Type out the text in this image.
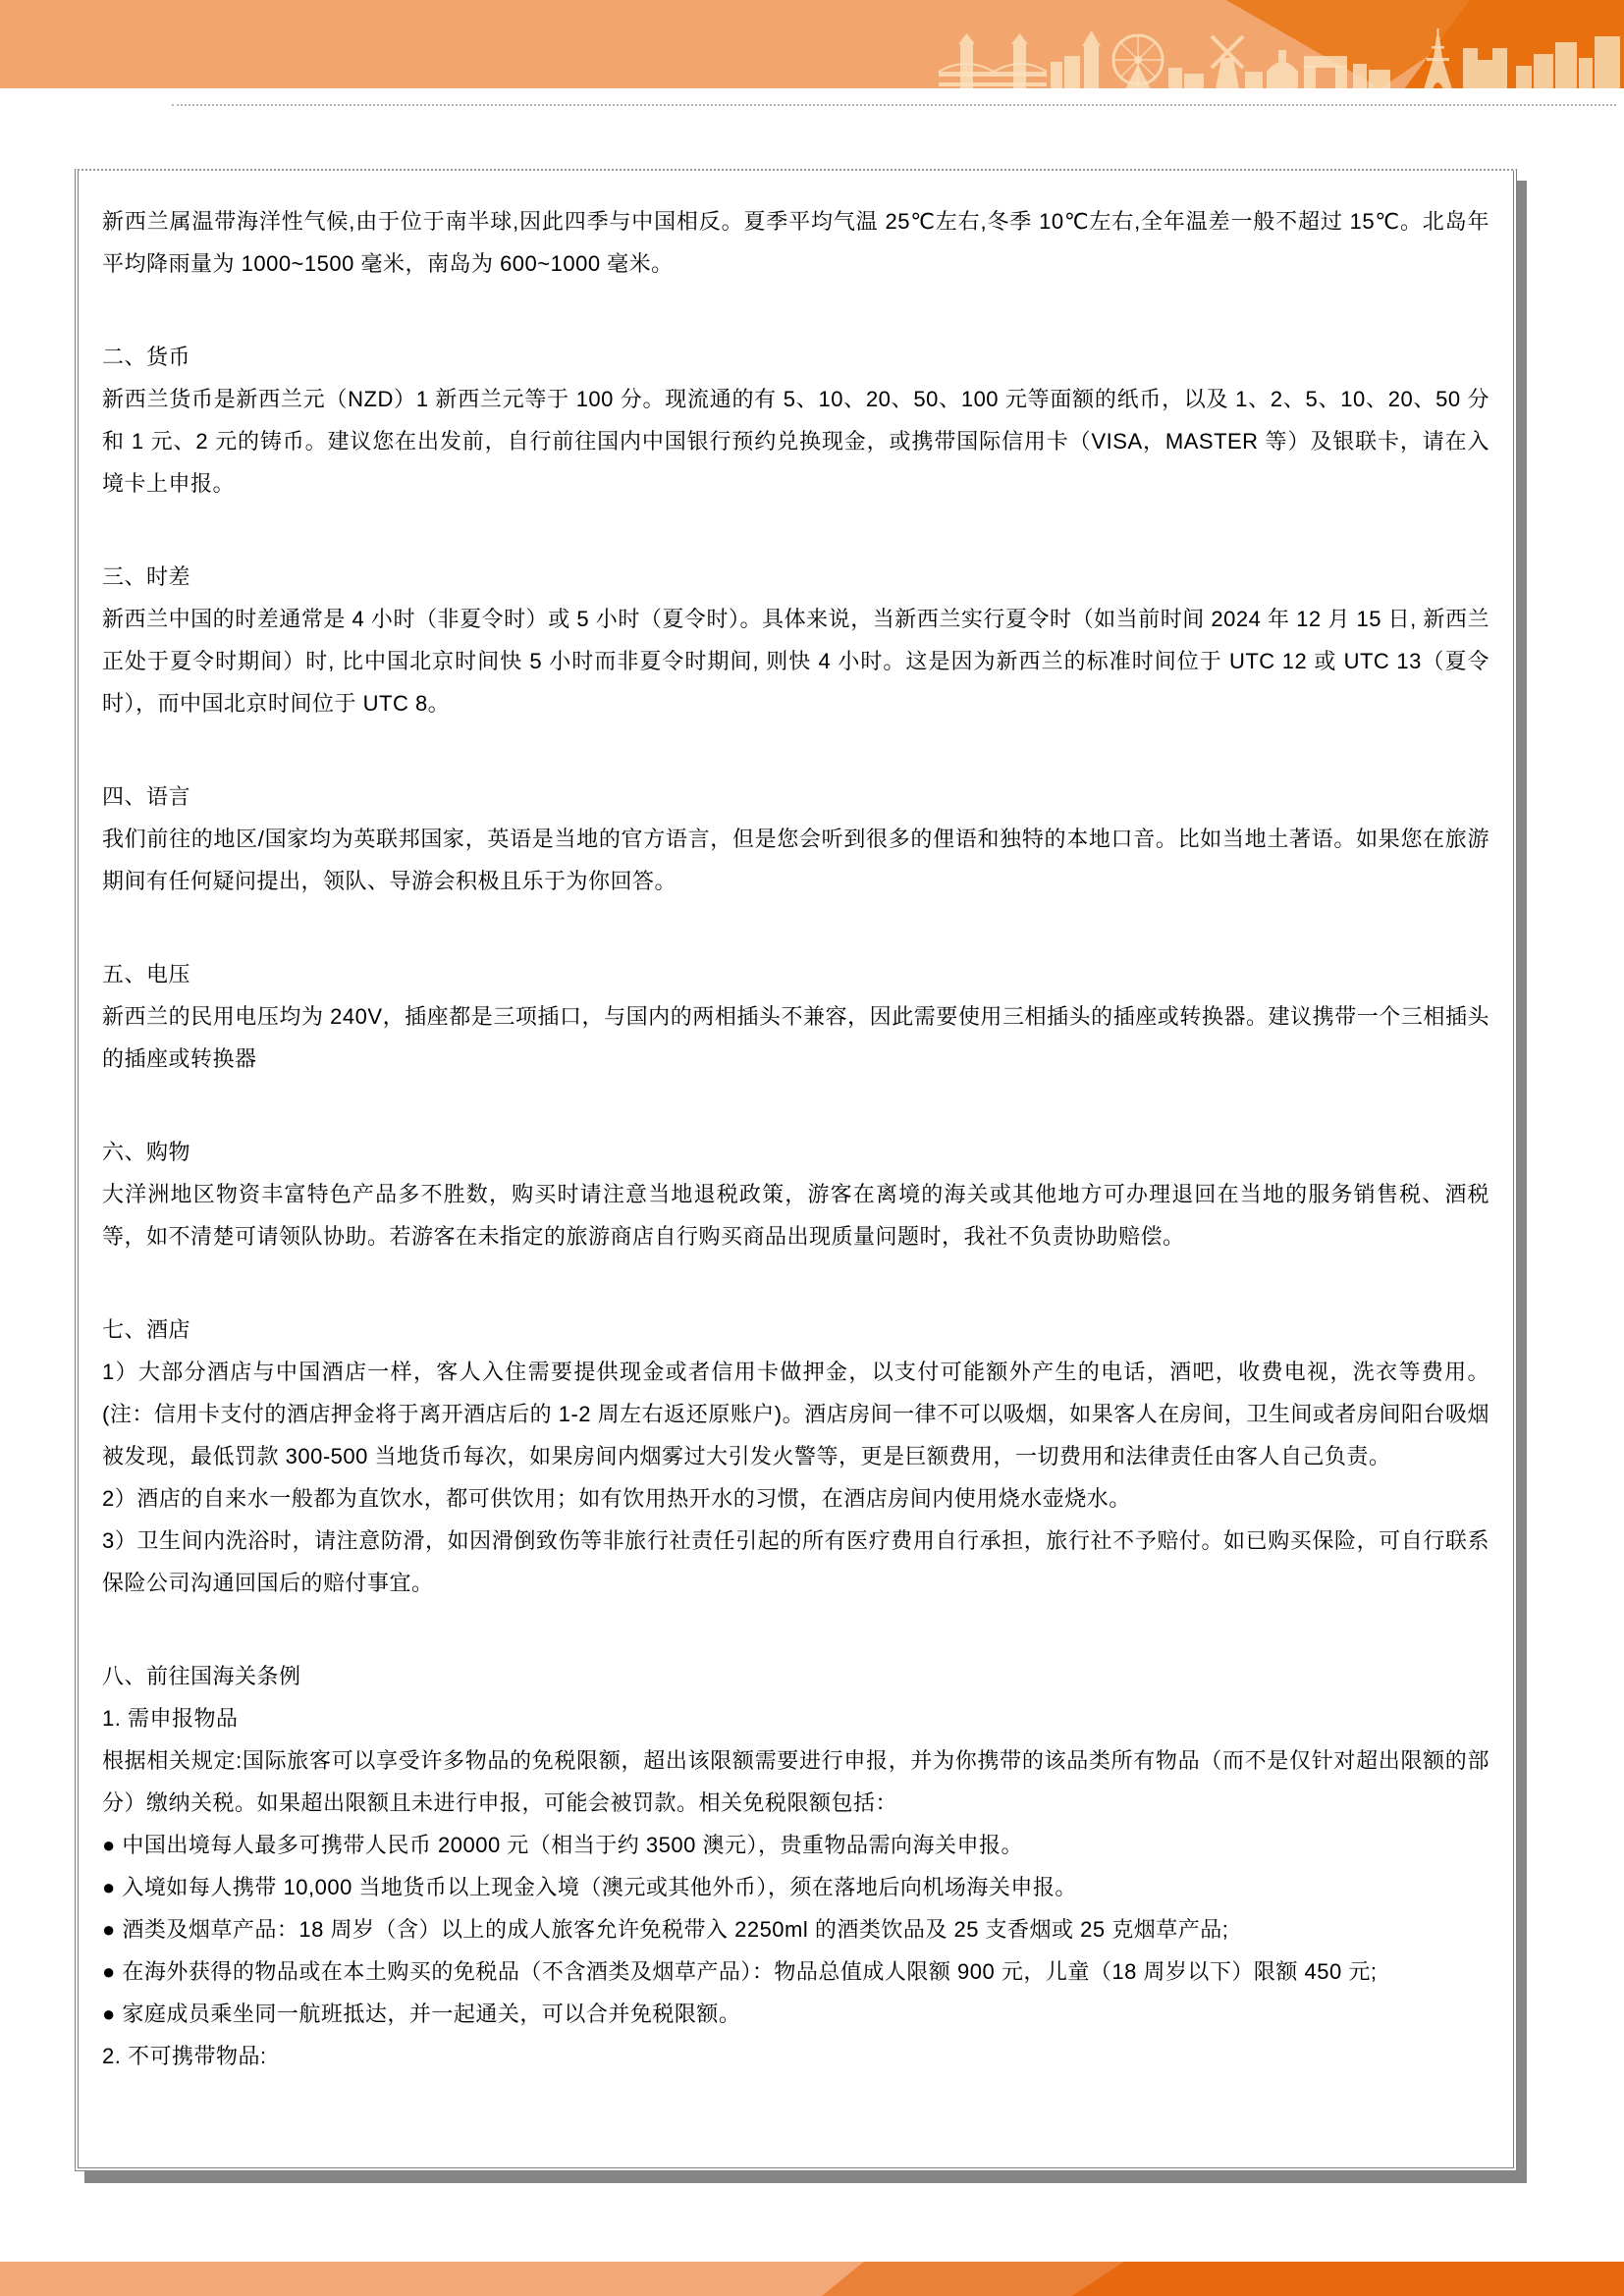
新西兰属温带海洋性气候,由于位于南半球,因此四季与中国相反。夏季平均气温 25℃左右,冬季 10℃左右,全年温差一般不超过 15℃。北岛年平均降雨量为 1000~1500 毫米，南岛为 600~1000 毫米。

二、货币

新西兰货币是新西兰元（NZD）1 新西兰元等于 100 分。现流通的有 5、10、20、50、100 元等面额的纸币，以及 1、2、5、10、20、50 分和 1 元、2 元的铸币。建议您在出发前，自行前往国内中国银行预约兑换现金，或携带国际信用卡（VISA，MASTER 等）及银联卡，请在入境卡上申报。

三、时差

新西兰中国的时差通常是 4 小时（非夏令时）或 5 小时（夏令时）。具体来说，当新西兰实行夏令时（如当前时间 2024 年 12 月 15 日, 新西兰正处于夏令时期间）时, 比中国北京时间快 5 小时而非夏令时期间, 则快 4 小时。这是因为新西兰的标准时间位于 UTC 12 或 UTC 13（夏令时），而中国北京时间位于 UTC 8。

四、语言

我们前往的地区/国家均为英联邦国家，英语是当地的官方语言，但是您会听到很多的俚语和独特的本地口音。比如当地土著语。如果您在旅游期间有任何疑问提出，领队、导游会积极且乐于为你回答。

五、电压

新西兰的民用电压均为 240V，插座都是三项插口，与国内的两相插头不兼容，因此需要使用三相插头的插座或转换器。建议携带一个三相插头的插座或转换器

六、购物

大洋洲地区物资丰富特色产品多不胜数，购买时请注意当地退税政策，游客在离境的海关或其他地方可办理退回在当地的服务销售税、酒税等，如不清楚可请领队协助。若游客在未指定的旅游商店自行购买商品出现质量问题时，我社不负责协助赔偿。

七、酒店

1）大部分酒店与中国酒店一样，客人入住需要提供现金或者信用卡做押金，以支付可能额外产生的电话，酒吧，收费电视，洗衣等费用。(注：信用卡支付的酒店押金将于离开酒店后的 1-2 周左右返还原账户)。酒店房间一律不可以吸烟，如果客人在房间，卫生间或者房间阳台吸烟被发现，最低罚款 300-500 当地货币每次，如果房间内烟雾过大引发火警等，更是巨额费用，一切费用和法律责任由客人自己负责。

2）酒店的自来水一般都为直饮水，都可供饮用；如有饮用热开水的习惯，在酒店房间内使用烧水壶烧水。

3）卫生间内洗浴时，请注意防滑，如因滑倒致伤等非旅行社责任引起的所有医疗费用自行承担，旅行社不予赔付。如已购买保险，可自行联系保险公司沟通回国后的赔付事宜。

八、前往国海关条例

1. 需申报物品

根据相关规定:国际旅客可以享受许多物品的免税限额，超出该限额需要进行申报，并为你携带的该品类所有物品（而不是仅针对超出限额的部分）缴纳关税。如果超出限额且未进行申报，可能会被罚款。相关免税限额包括：

● 中国出境每人最多可携带人民币 20000 元（相当于约 3500 澳元），贵重物品需向海关申报。

● 入境如每人携带 10,000 当地货币以上现金入境（澳元或其他外币），须在落地后向机场海关申报。

● 酒类及烟草产品：18 周岁（含）以上的成人旅客允许免税带入 2250ml 的酒类饮品及 25 支香烟或 25 克烟草产品;

● 在海外获得的物品或在本土购买的免税品（不含酒类及烟草产品）：物品总值成人限额 900 元，儿童（18 周岁以下）限额 450 元;

● 家庭成员乘坐同一航班抵达，并一起通关，可以合并免税限额。

2. 不可携带物品:
